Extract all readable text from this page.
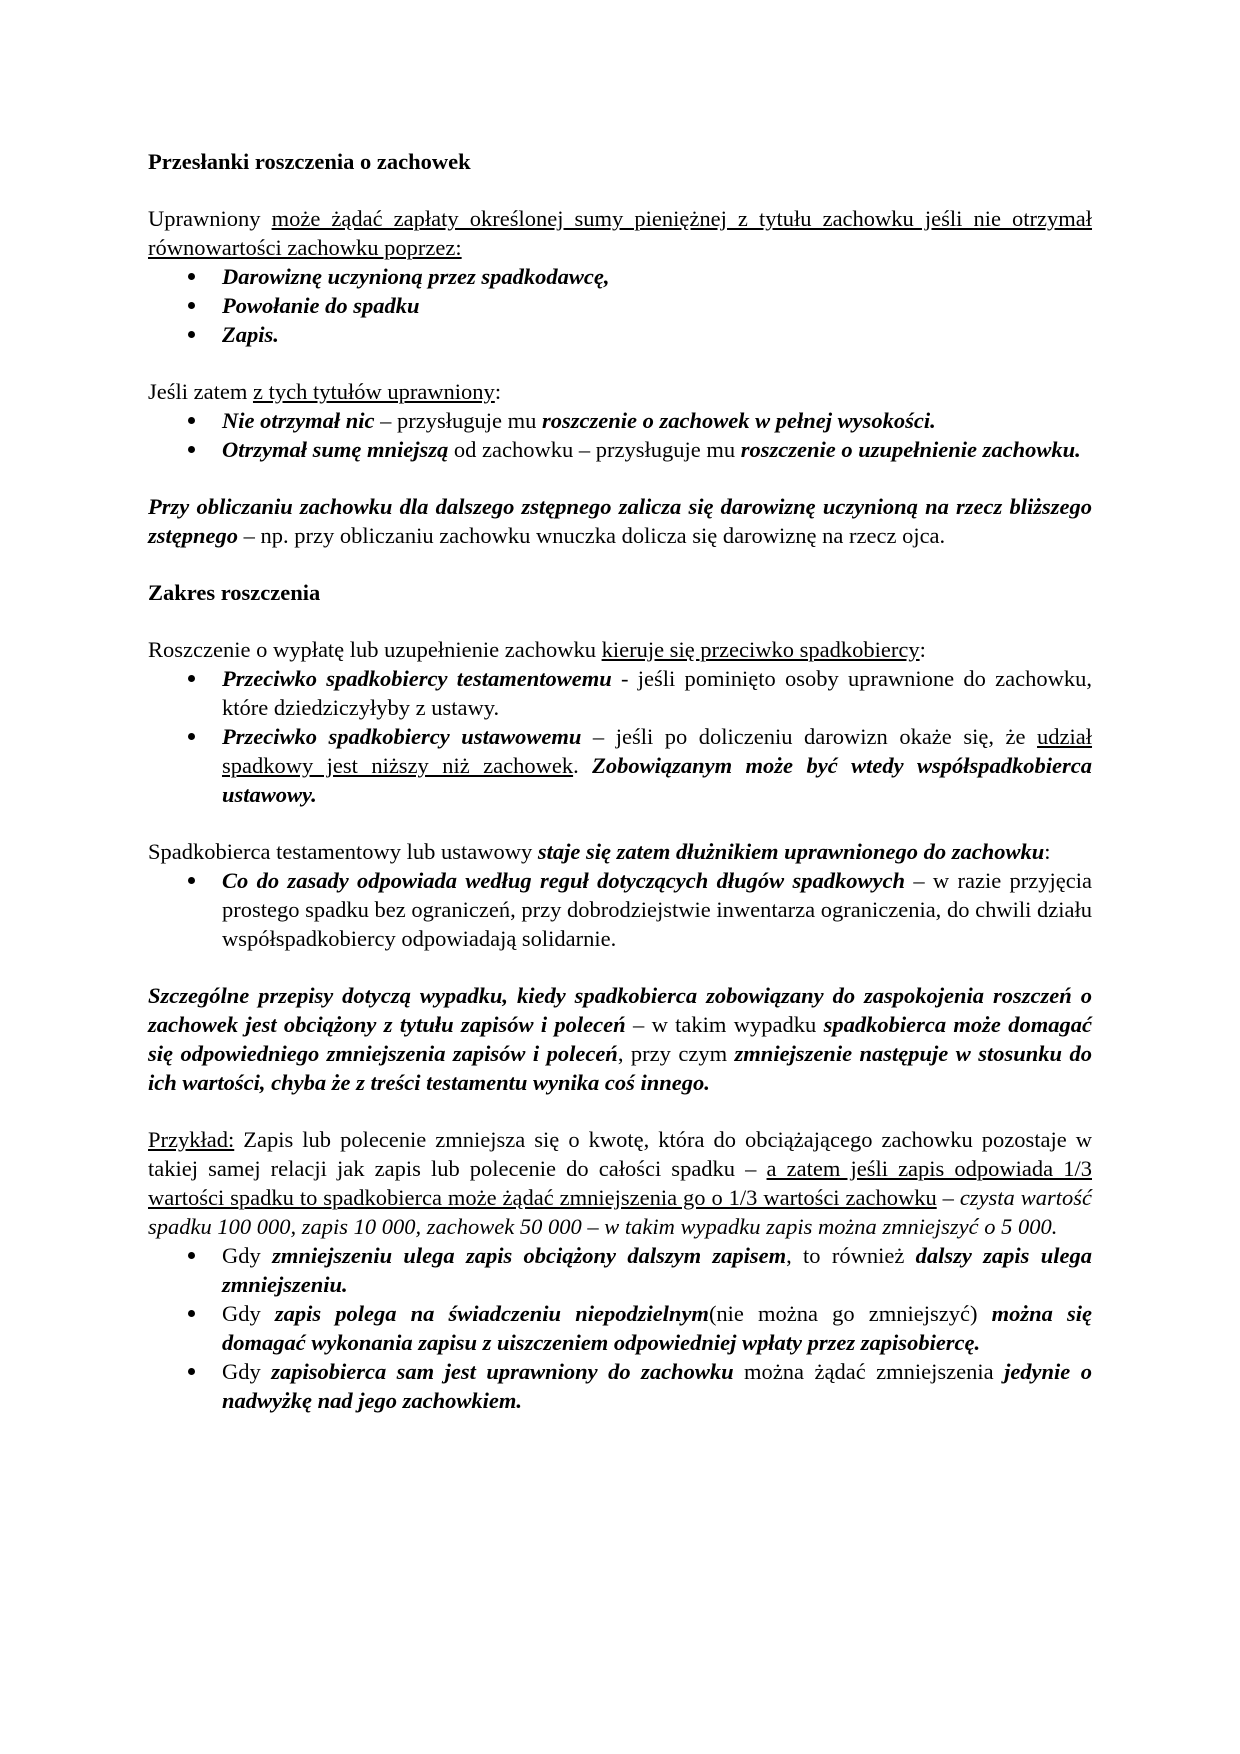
Przesłanki roszczenia o zachowek

Uprawniony może żądać zapłaty określonej sumy pieniężnej z tytułu zachowku jeśli nie otrzymał równowartości zachowku poprzez:

Darowiznę uczynioną przez spadkodawcę,
Powołanie do spadku
Zapis.

Jeśli zatem z tych tytułów uprawniony:

Nie otrzymał nic – przysługuje mu roszczenie o zachowek w pełnej wysokości.
Otrzymał sumę mniejszą od zachowku – przysługuje mu roszczenie o uzupełnienie zachowku.

Przy obliczaniu zachowku dla dalszego zstępnego zalicza się darowiznę uczynioną na rzecz bliższego zstępnego – np. przy obliczaniu zachowku wnuczka dolicza się darowiznę na rzecz ojca.

Zakres roszczenia

Roszczenie o wypłatę lub uzupełnienie zachowku kieruje się przeciwko spadkobiercy:

Przeciwko spadkobiercy testamentowemu - jeśli pominięto osoby uprawnione do zachowku, które dziedziczyłyby z ustawy.
Przeciwko spadkobiercy ustawowemu – jeśli po doliczeniu darowizn okaże się, że udział spadkowy jest niższy niż zachowek. Zobowiązanym może być wtedy współspadkobierca ustawowy.

Spadkobierca testamentowy lub ustawowy staje się zatem dłużnikiem uprawnionego do zachowku:

Co do zasady odpowiada według reguł dotyczących długów spadkowych – w razie przyjęcia prostego spadku bez ograniczeń, przy dobrodziejstwie inwentarza ograniczenia, do chwili działu współspadkobiercy odpowiadają solidarnie.

Szczególne przepisy dotyczą wypadku, kiedy spadkobierca zobowiązany do zaspokojenia roszczeń o zachowek jest obciążony z tytułu zapisów i poleceń – w takim wypadku spadkobierca może domagać się odpowiedniego zmniejszenia zapisów i poleceń, przy czym zmniejszenie następuje w stosunku do ich wartości, chyba że z treści testamentu wynika coś innego.

Przykład: Zapis lub polecenie zmniejsza się o kwotę, która do obciążającego zachowku pozostaje w takiej samej relacji jak zapis lub polecenie do całości spadku – a zatem jeśli zapis odpowiada 1/3 wartości spadku to spadkobierca może żądać zmniejszenia go o 1/3 wartości zachowku – czysta wartość spadku 100 000, zapis 10 000, zachowek 50 000 – w takim wypadku zapis można zmniejszyć o 5 000.

Gdy zmniejszeniu ulega zapis obciążony dalszym zapisem, to również dalszy zapis ulega zmniejszeniu.
Gdy zapis polega na świadczeniu niepodzielnym(nie można go zmniejszyć) można się domagać wykonania zapisu z uiszczeniem odpowiedniej wpłaty przez zapisobiercę.
Gdy zapisobierca sam jest uprawniony do zachowku można żądać zmniejszenia jedynie o nadwyżkę nad jego zachowkiem.
